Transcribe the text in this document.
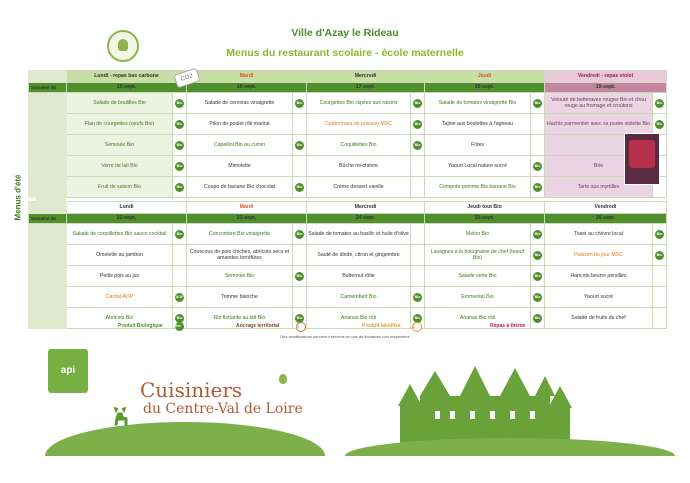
Ville d'Azay le Rideau
Menus du restaurant scolaire - école maternelle
Menus d'été
	Lundi - repas bas carbone		Mardi		Mercredi		Jeudi		Vendredi - repas violet	
Semaine 38	15-sept.		16-sept.		17-sept.		18-sept.		19-sept.	
	Salade de boulilles Bio	Bio	Salade de cervelas vinaigrette	Bio	Courgettes Bio râpées aux raisins	Bio	Salade de tomates vinaigrette Bio	Bio	Velouté de betteraves rouges Bio et chou rouge au fromage et croûtons	Bio
	Flan de courgettes (oeufs Bio)	Bio	Pilon de poulet rôti mariné		Carbonnara de poisson MSC	Bio	Tajine aux boulettes à l'agneau		Hachis parmentier avec sa purée violette Bio	Bio
	Semoule Bio	Bio	Capellini Bio au cumin	Bio	Coquillettes Bio	Bio	Frites			
	Verre de lait Bio	Bio	Mimolette		Bûche mi-chèvre		Yaourt Local nature sucré	Bio	Brie	
	Fruit de saison Bio	Bio	Coupe de banane Bio chocolat	Bio	Crème dessert vanille		Compote pomme Bio banane Bio	Bio	Tarte aux myrtilles	
	Lundi		Mardi		Mercredi		Jeudi tout Bio		Vendredi	
Semaine 39	22-sept.		23-sept.		24-sept.		25-sept.		26-sept.	
	Salade de coquillettes Bio sauce cocktail	Bio	Concombre Bio vinaigrette	Bio	Salade de tomates au basilic et huile d'olive		Melon Bio	Bio	Toast au chèvre local	Bio
	Omelette au jambon		Couscous de pois chiches, abricots secs et amandes torréfiées		Sauté de dinde, citron et gingembre		Lasagnes à la bolognaise de chef (boeuf Bio)	Bio	Poisson du jour MSC	Bio
	Petits pois au jus		Semoule Bio	Bio	Butternut rôtie		Salade verte Bio	Bio	Haricots beurre persillés	
	Cantal AOP	AOP	Tomme blanche		Camembert Bio	Bio	Emmental Bio	Bio	Yaourt sucré	
	Abricots Bio	Bio	Riz flottante au lait Bio	Bio	Ananas Bio rôti	Bio	Ananas Bio rôti	Bio	Salade de fruits du chef	
CO2
Produit Biologique	Bio	Ancrage territorial	T	Produit labellisé	L	Repas à thème
Des modifications peuvent intervenir en cas de livraisons non respectées
api
Cuisiniers
du Centre-Val de Loire
